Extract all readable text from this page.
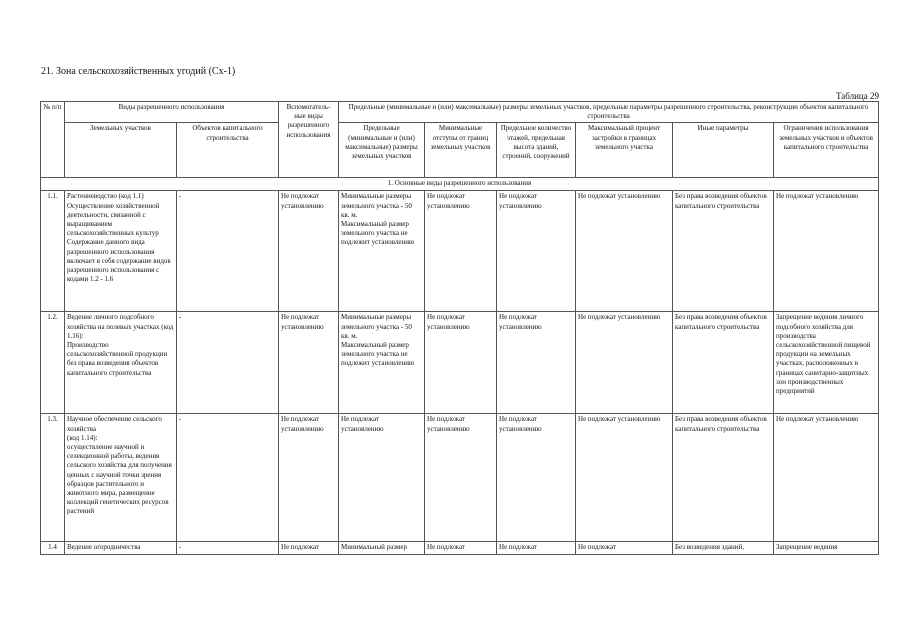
21. Зона сельскохозяйственных угодий (Сх-1)
Таблица 29
№ п/п	Виды разрешенного использования		Вспомогатель-ные виды разрешенного использования	Предельные (минимальные и (или) максимальные) размеры земельных участков, предельные параметры разрешенного строительства, реконструкции объектов капитального строительства					
	Земельных участков	Объектов капитального строительства		Предельные (минимальные и (или) максимальные) размеры земельных участков	Минимальные отступы от границ земельных участков	Предельное количество этажей, предельная высота зданий, строений, сооружений	Максимальный процент застройки в границах земельного участка	Иные параметры	Ограничения использования земельных участков и объектов капитального строительства
1. Основные виды разрешенного использования									
1.1.	Растениеводство (код 1.1)
Осуществление хозяйственной деятельности, связанной с выращиванием сельскохозяйственных культур
Содержание данного вида разрешенного использования включает в себя содержание видов разрешенного использования с кодами 1.2 - 1.6	-	Не подлежат установлению	Минимальные размеры земельного участка - 50 кв. м.
Максимальный размер земельного участка не подлежит установлению	Не подлежат установлению	Не подлежат установлению	Не подлежат установлению	Без права возведения объектов капитального строительства	Не подлежат установлению
1.2.	Ведение личного подсобного хозяйства на полевых участках (код 1.16):
Производство сельскохозяйственной продукции без права возведения объектов капитального строительства	-	Не подлежат установлению	Минимальные размеры земельного участка - 50 кв. м.
Максимальный размер земельного участка не подлежит установлению	Не подлежат установлению	Не подлежат установлению	Не подлежат установлению	Без права возведения объектов капитального строительства	Запрещение ведения личного подсобного хозяйства для производства сельскохозяйственной пищевой продукции на земельных участках, расположенных в границах санитарно-защитных зон производственных предприятий
1.3.	Научное обеспечение сельского хозяйства
(код 1.14):
осуществление научной и селекционной работы, ведения сельского хозяйства для получения ценных с научной точки зрения образцов растительного и животного мира, размещение коллекций генетических ресурсов растений	-	Не подлежат установлению	Не подлежат установлению	Не подлежат установлению	Не подлежат установлению	Не подлежат установлению	Без права возведения объектов капитального строительства	Не подлежат установлению
1.4	Ведение огородничества	-	Не подлежат	Минимальный размер	Не подлежат	Не подлежат	Не подлежат	Без возведения зданий,	Запрещение ведения
